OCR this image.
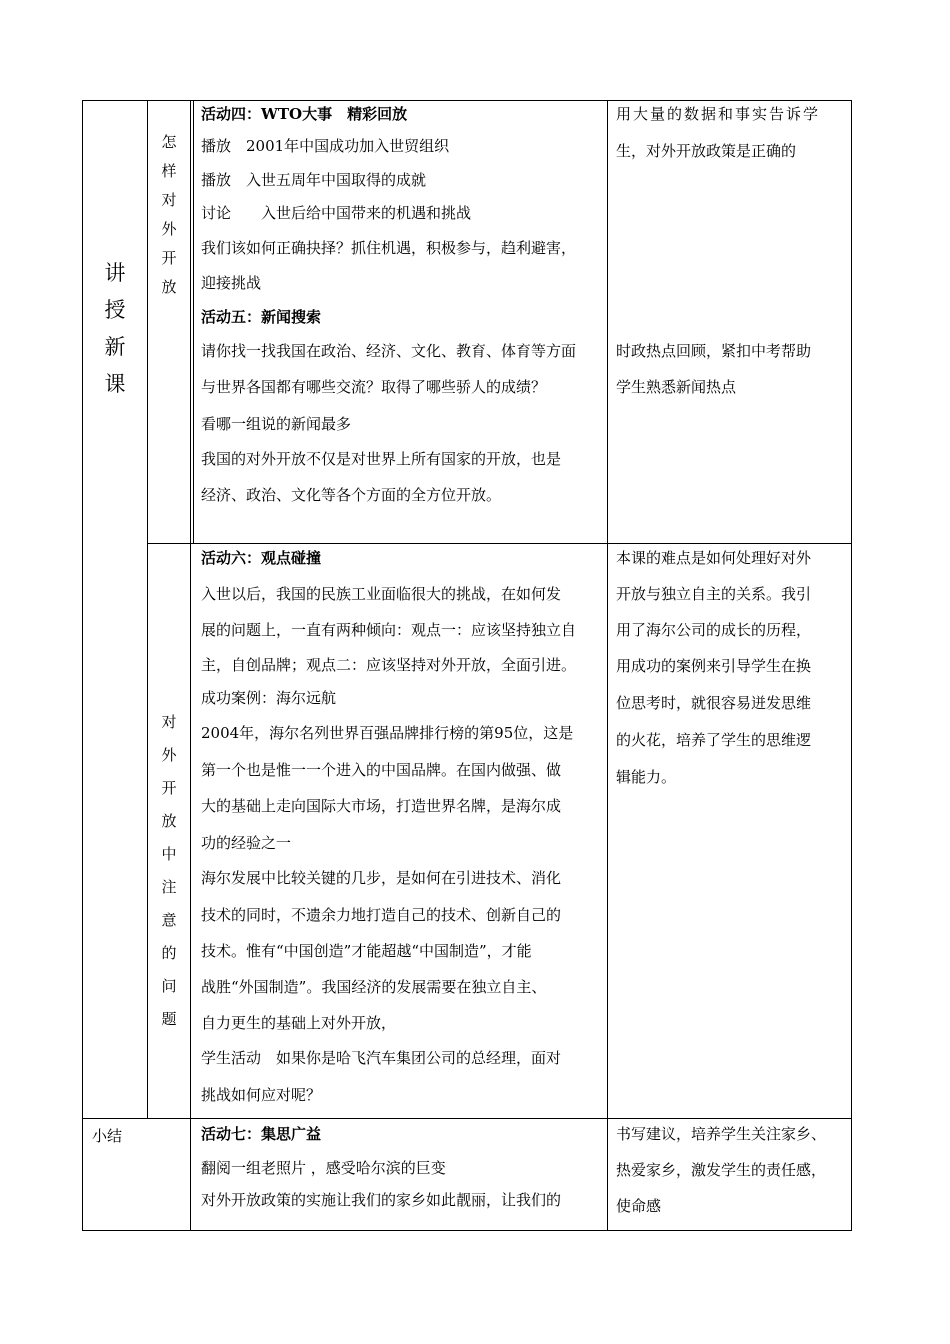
讲
授
新
课
怎
样
对
外
开
放
对
外
开
放
中
注
意
的
问
题
小结
活动四：WTO大事　精彩回放
播放　2001年中国成功加入世贸组织
播放　入世五周年中国取得的成就
讨论　　入世后给中国带来的机遇和挑战
我们该如何正确抉择？抓住机遇，积极参与，趋利避害，
迎接挑战
活动五：新闻搜索
请你找一找我国在政治、经济、文化、教育、体育等方面
与世界各国都有哪些交流？取得了哪些骄人的成绩？
看哪一组说的新闻最多
我国的对外开放不仅是对世界上所有国家的开放，也是
经济、政治、文化等各个方面的全方位开放。
用大量的数据和事实告诉学
生，对外开放政策是正确的
时政热点回顾，紧扣中考帮助
学生熟悉新闻热点
活动六：观点碰撞
入世以后，我国的民族工业面临很大的挑战，在如何发
展的问题上，一直有两种倾向：观点一：应该坚持独立自
主，自创品牌；观点二：应该坚持对外开放，全面引进。
成功案例：海尔远航
2004年，海尔名列世界百强品牌排行榜的第95位，这是
第一个也是惟一一个进入的中国品牌。在国内做强、做
大的基础上走向国际大市场，打造世界名牌，是海尔成
功的经验之一
海尔发展中比较关键的几步，是如何在引进技术、消化
技术的同时，不遗余力地打造自己的技术、创新自己的
技术。惟有“中国创造”才能超越“中国制造”，才能
战胜“外国制造”。我国经济的发展需要在独立自主、
自力更生的基础上对外开放，
学生活动　如果你是哈飞汽车集团公司的总经理，面对
挑战如何应对呢？
本课的难点是如何处理好对外
开放与独立自主的关系。我引
用了海尔公司的成长的历程，
用成功的案例来引导学生在换
位思考时，就很容易迸发思维
的火花，培养了学生的思维逻
辑能力。
活动七：集思广益
翻阅一组老照片 ，感受哈尔滨的巨变
对外开放政策的实施让我们的家乡如此靓丽，让我们的
书写建议，培养学生关注家乡、
热爱家乡，激发学生的责任感，
使命感
